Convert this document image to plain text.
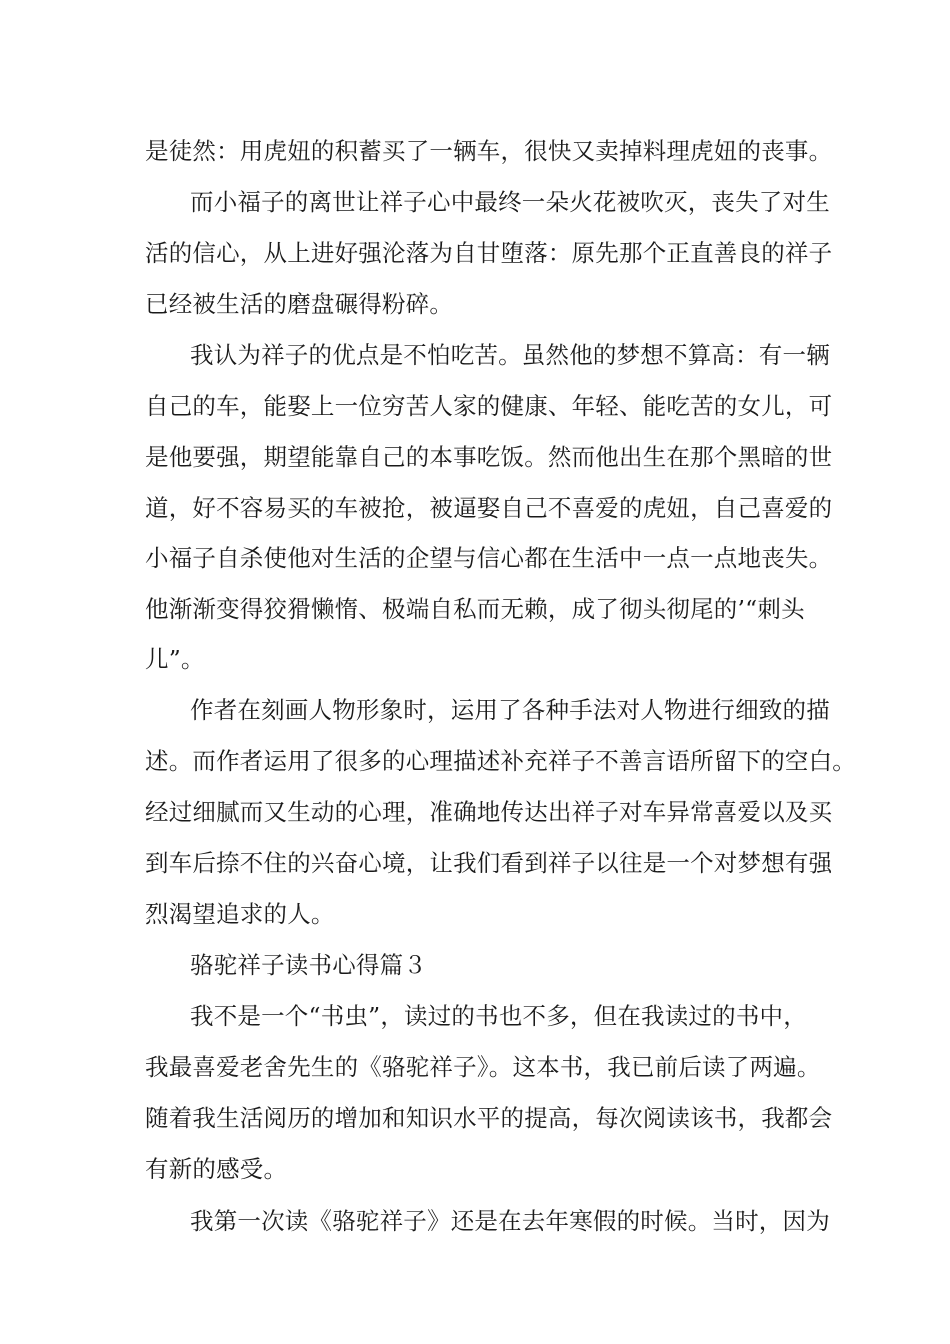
是徒然：用虎妞的积蓄买了一辆车，很快又卖掉料理虎妞的丧事。
而小福子的离世让祥子心中最终一朵火花被吹灭，丧失了对生
活的信心，从上进好强沦落为自甘堕落：原先那个正直善良的祥子
已经被生活的磨盘碾得粉碎。
我认为祥子的优点是不怕吃苦。虽然他的梦想不算高：有一辆
自己的车，能娶上一位穷苦人家的健康、年轻、能吃苦的女儿，可
是他要强，期望能靠自己的本事吃饭。然而他出生在那个黑暗的世
道，好不容易买的车被抢，被逼娶自己不喜爱的虎妞，自己喜爱的
小福子自杀使他对生活的企望与信心都在生活中一点一点地丧失。
他渐渐变得狡猾懒惰、极端自私而无赖，成了彻头彻尾的’“刺头
儿”。
作者在刻画人物形象时，运用了各种手法对人物进行细致的描
述。而作者运用了很多的心理描述补充祥子不善言语所留下的空白。
经过细腻而又生动的心理，准确地传达出祥子对车异常喜爱以及买
到车后捺不住的兴奋心境，让我们看到祥子以往是一个对梦想有强
烈渴望追求的人。
骆驼祥子读书心得篇３
我不是一个“书虫”，读过的书也不多，但在我读过的书中，
我最喜爱老舍先生的《骆驼祥子》。这本书，我已前后读了两遍。
随着我生活阅历的增加和知识水平的提高，每次阅读该书，我都会
有新的感受。
我第一次读《骆驼祥子》还是在去年寒假的时候。当时，因为
